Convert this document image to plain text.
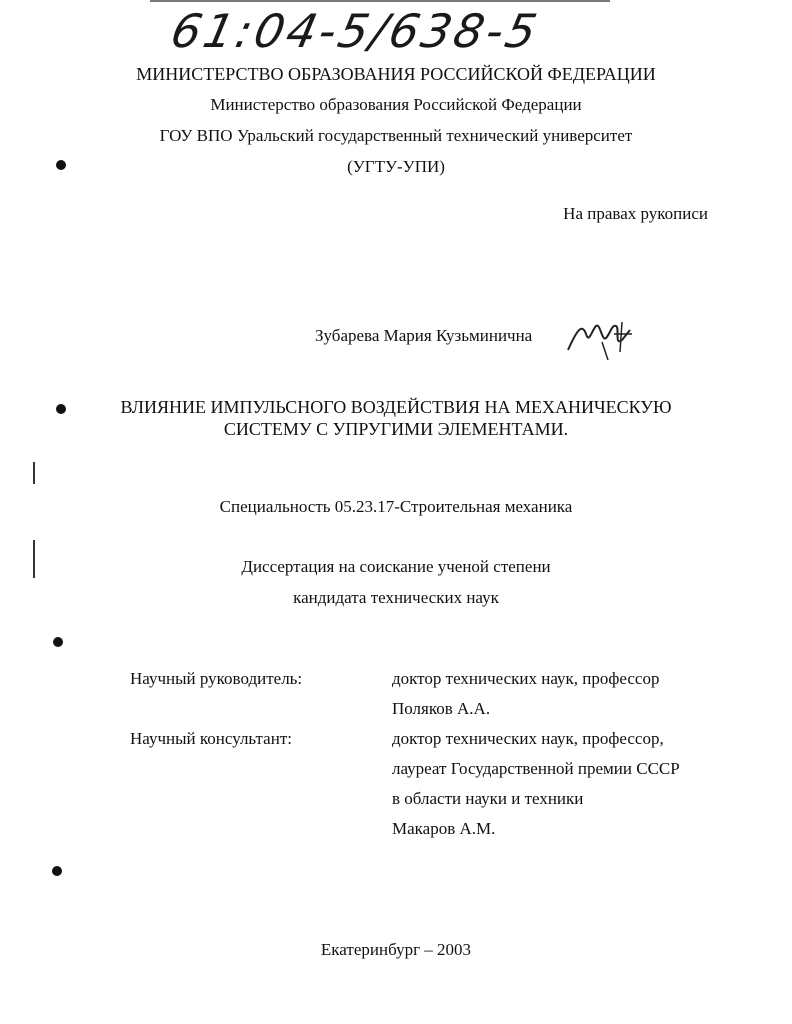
61:04-5/638-5
МИНИСТЕРСТВО ОБРАЗОВАНИЯ РОССИЙСКОЙ ФЕДЕРАЦИИ
Министерство образования Российской Федерации
ГОУ ВПО Уральский государственный технический университет
(УГТУ-УПИ)
На правах рукописи
Зубарева Мария Кузьминична
ВЛИЯНИЕ ИМПУЛЬСНОГО ВОЗДЕЙСТВИЯ НА МЕХАНИЧЕСКУЮ
СИСТЕМУ С УПРУГИМИ ЭЛЕМЕНТАМИ.
Специальность 05.23.17-Строительная механика
Диссертация на соискание ученой степени
кандидата технических наук
Научный руководитель:	доктор технических наук, профессор
Поляков А.А.
Научный консультант:	доктор технических наук, профессор,
лауреат Государственной премии СССР
в области науки и техники
Макаров А.М.
Екатеринбург – 2003
